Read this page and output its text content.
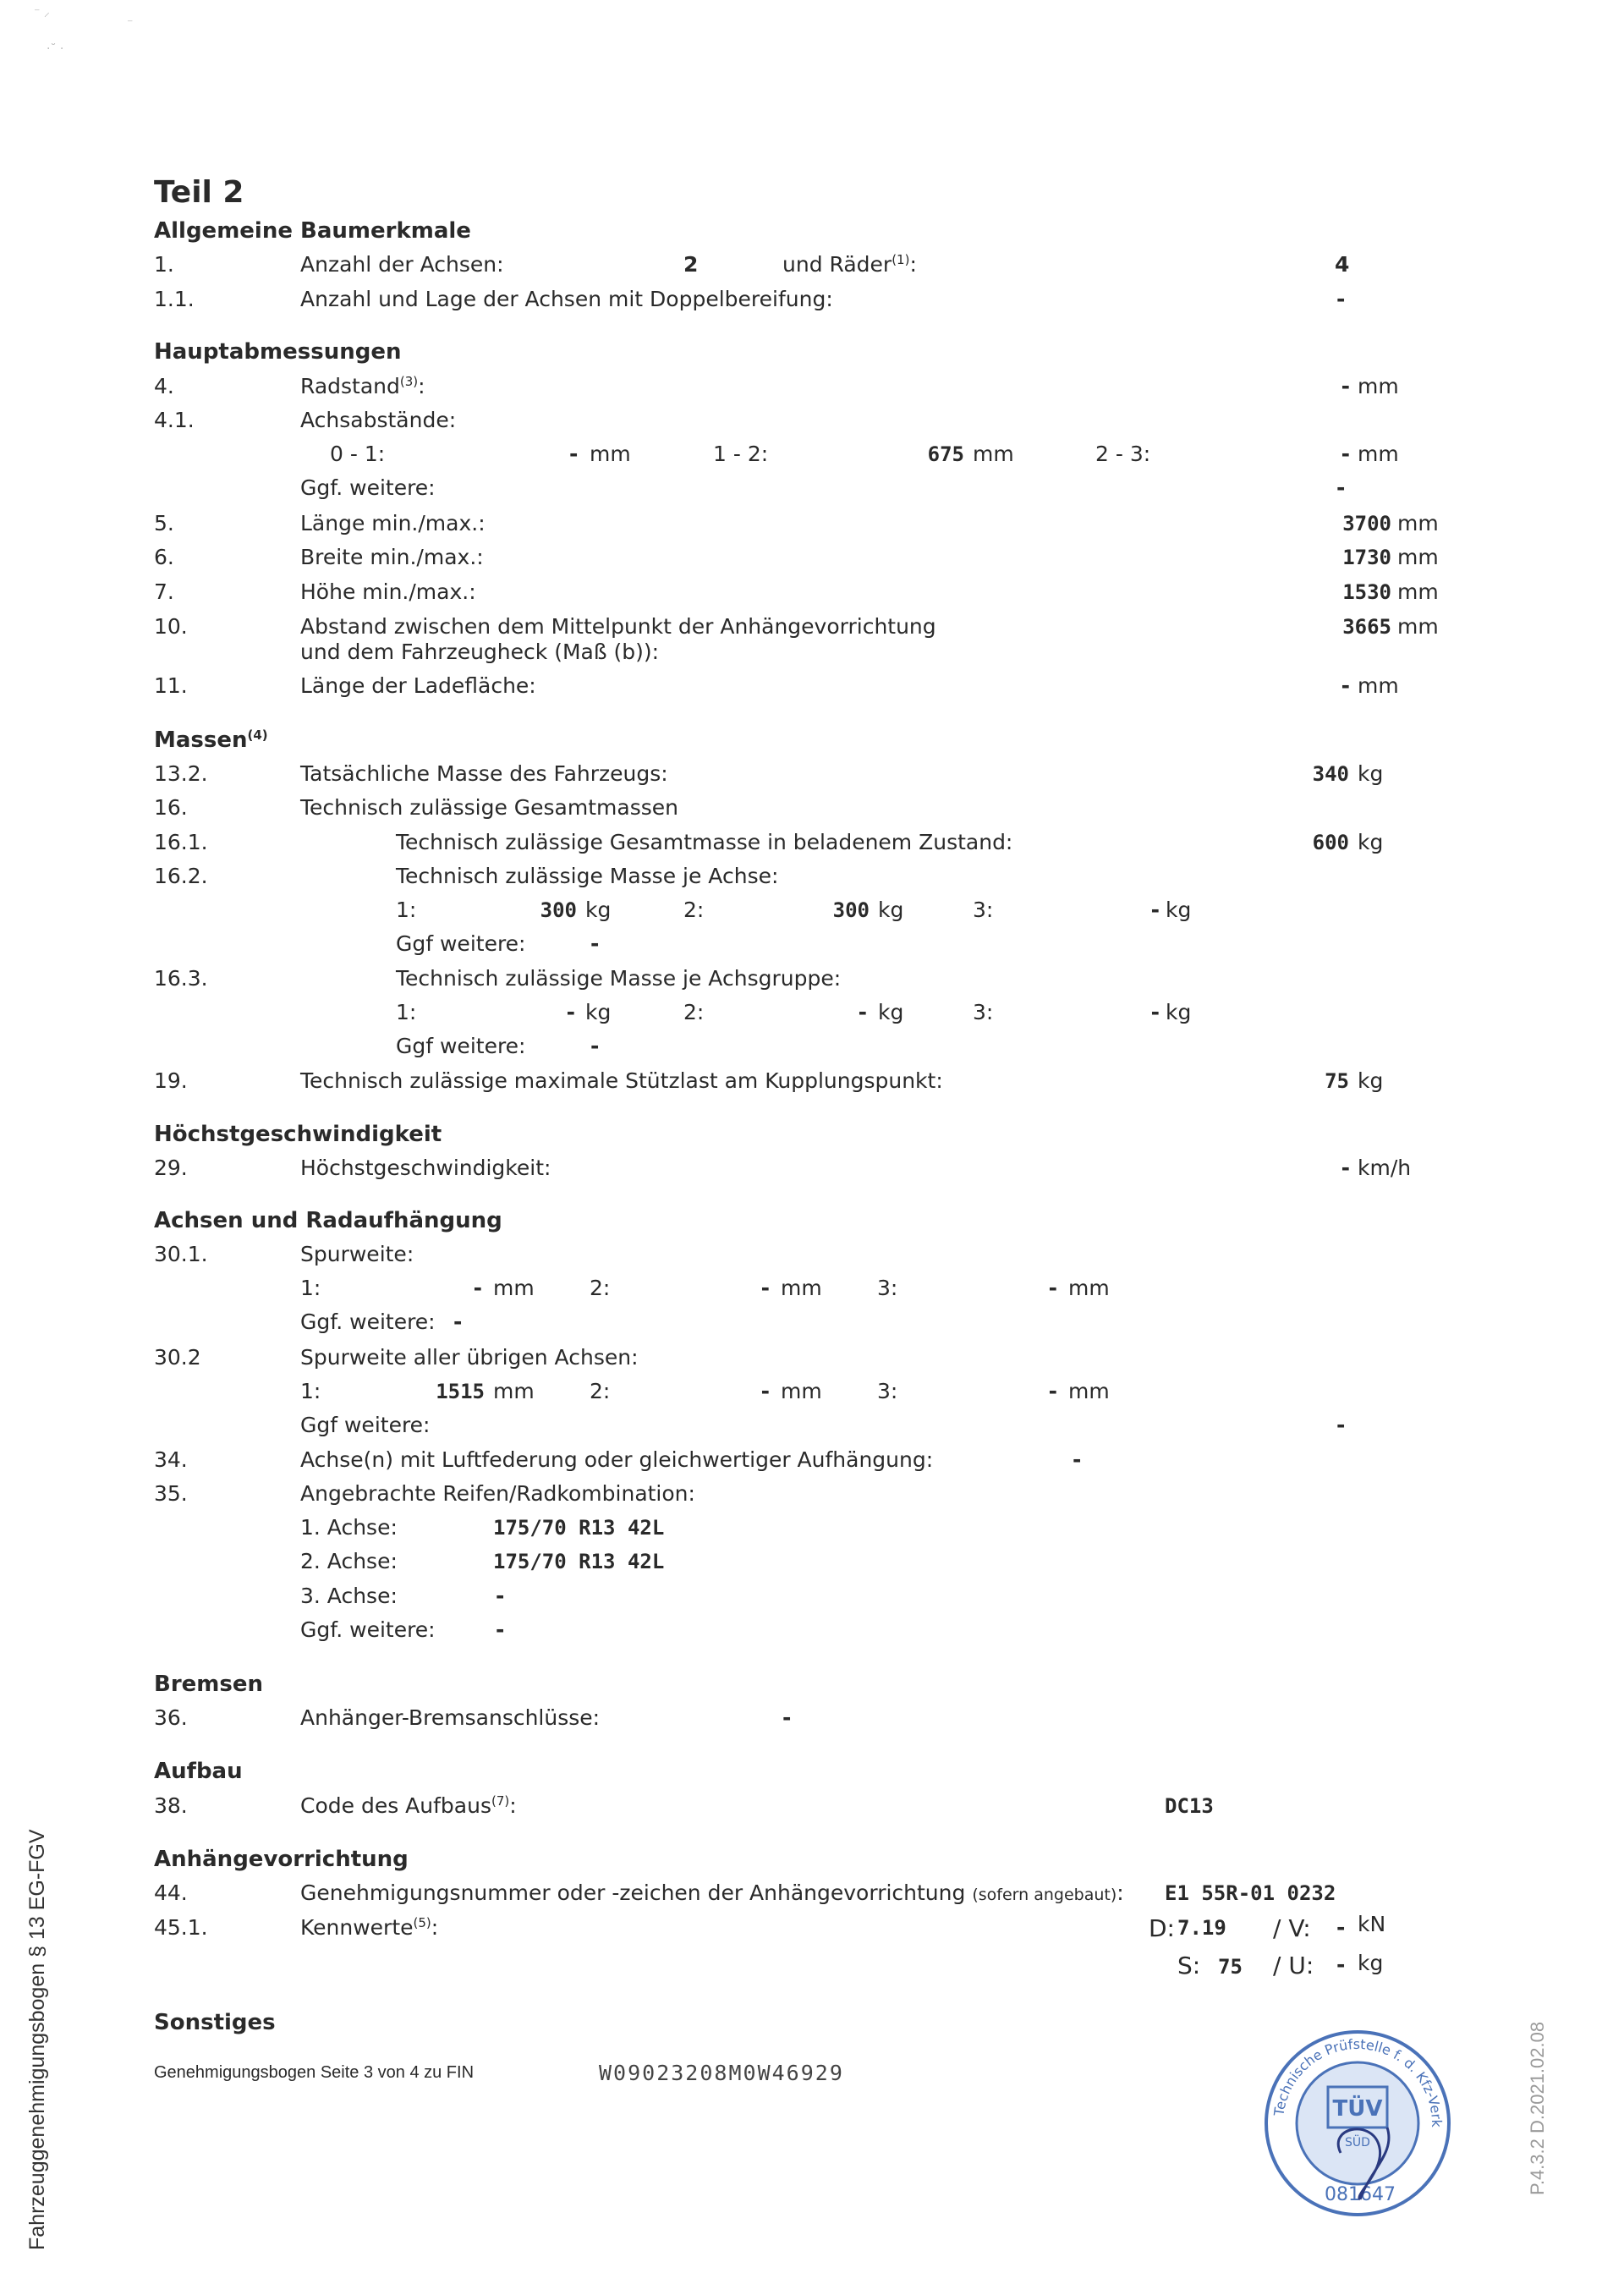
⁻ ⸝
⁻
·˘ ·
Teil 2
Allgemeine Baumerkmale
1.	Anzahl der Achsen:	2	und Räder$^{(1)}$:	4
1.1.	Anzahl und Lage der Achsen mit Doppelbereifung:	-
Hauptabmessungen
4.	Radstand$^{(3)}$:	- mm
4.1.	Achsabstände:
0 - 1:	- mm	1 - 2:	675 mm	2 - 3:	- mm
Ggf. weitere:	-
5.	Länge min./max.:	3700 mm
6.	Breite min./max.:	1730 mm
7.	Höhe min./max.:	1530 mm
10.	Abstand zwischen dem Mittelpunkt der Anhängevorrichtung
und dem Fahrzeugheck (Maß (b)):
3665 mm
11.	Länge der Ladefläche:	- mm
Massen$^{(4)}$
13.2.	Tatsächliche Masse des Fahrzeugs:	340 kg
16.	Technisch zulässige Gesamtmassen
16.1.	Technisch zulässige Gesamtmasse in beladenem Zustand:	600 kg
16.2.	Technisch zulässige Masse je Achse:
1:	300 kg	2:	300 kg	3:	- kg
Ggf weitere:	-
16.3.	Technisch zulässige Masse je Achsgruppe:
1:	- kg	2:	- kg	3:	- kg
Ggf weitere:	-
19.	Technisch zulässige maximale Stützlast am Kupplungspunkt:	75 kg
Höchstgeschwindigkeit
29.	Höchstgeschwindigkeit:	- km/h
Achsen und Radaufhängung
30.1.	Spurweite:
1:	- mm	2:	- mm	3:	- mm
Ggf. weitere: -
30.2	Spurweite aller übrigen Achsen:
1:	1515 mm	2:	- mm	3:	- mm
Ggf weitere:	-
34.	Achse(n) mit Luftfederung oder gleichwertiger Aufhängung:	-
35.	Angebrachte Reifen/Radkombination:
1. Achse:	175/70 R13 42L
2. Achse:	175/70 R13 42L
3. Achse:	-
Ggf. weitere:	-
Bremsen
36.	Anhänger-Bremsanschlüsse:	-
Aufbau
38.	Code des Aufbaus$^{(7)}$:	DC13
Anhängevorrichtung
44.	Genehmigungsnummer oder -zeichen der Anhängevorrichtung (sofern angebaut): E1 55R-01 0232
45.1.	Kennwerte$^{(5)}$:	D: 7.19 / V: - kN
S: 75 / U: - kg
Sonstiges
Genehmigungsbogen Seite 3 von 4 zu FIN	W09023208M0W46929
Fahrzeuggenehmigungsbogen § 13 EG-FGV	P.4.3.2 D.2021.02.08
Technische Prüfstelle f. d. Kfz-Verk
TÜV
SÜD
081647
